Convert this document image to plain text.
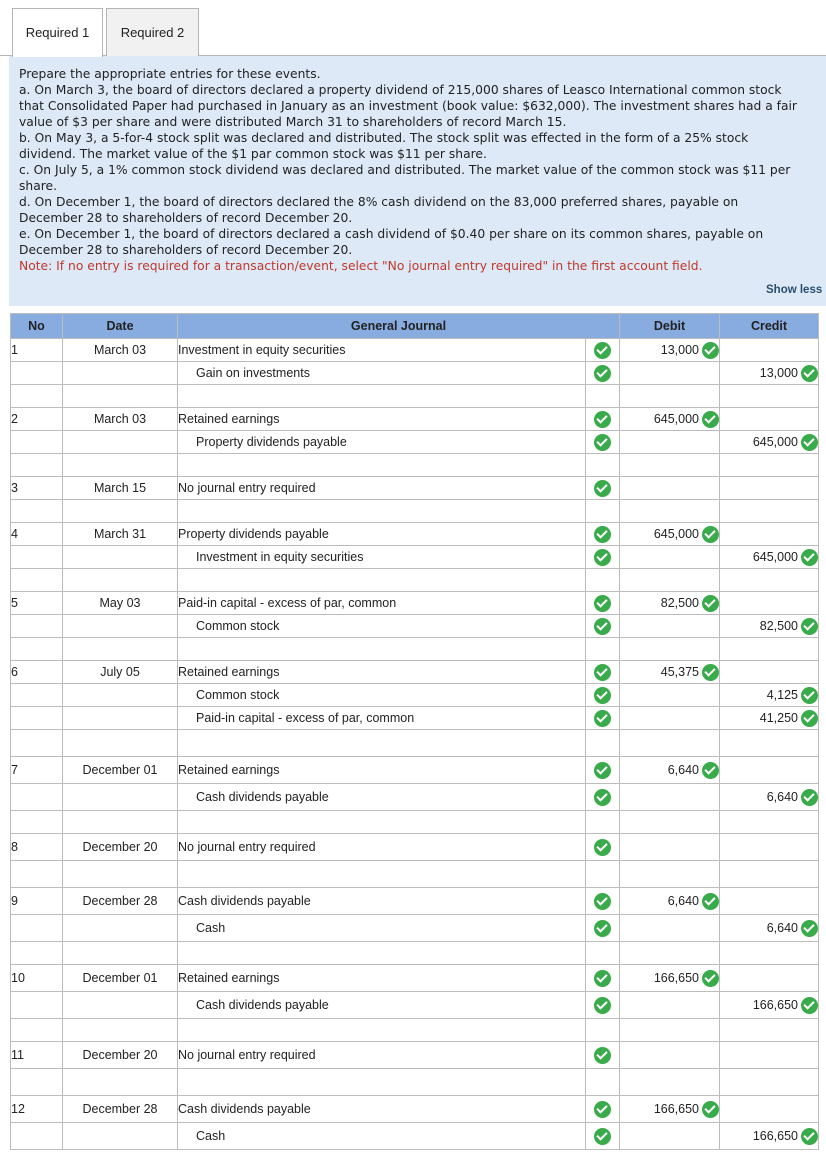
Required 1	Required 2
Prepare the appropriate entries for these events.
a. On March 3, the board of directors declared a property dividend of 215,000 shares of Leasco International common stock
that Consolidated Paper had purchased in January as an investment (book value: $632,000). The investment shares had a fair
value of $3 per share and were distributed March 31 to shareholders of record March 15.
b. On May 3, a 5-for-4 stock split was declared and distributed. The stock split was effected in the form of a 25% stock
dividend. The market value of the $1 par common stock was $11 per share.
c. On July 5, a 1% common stock dividend was declared and distributed. The market value of the common stock was $11 per
share.
d. On December 1, the board of directors declared the 8% cash dividend on the 83,000 preferred shares, payable on
December 28 to shareholders of record December 20.
e. On December 1, the board of directors declared a cash dividend of $0.40 per share on its common shares, payable on
December 28 to shareholders of record December 20.
Note: If no entry is required for a transaction/event, select "No journal entry required" in the first account field.
Show less
No	Date	General Journal		Debit	Credit
1	March 03	Investment in equity securities		13,000	
		Gain on investments			13,000

2	March 03	Retained earnings		645,000	
		Property dividends payable			645,000

3	March 15	No journal entry required			

4	March 31	Property dividends payable		645,000	
		Investment in equity securities			645,000

5	May 03	Paid-in capital - excess of par, common		82,500	
		Common stock			82,500

6	July 05	Retained earnings		45,375	
		Common stock			4,125
		Paid-in capital - excess of par, common			41,250

7	December 01	Retained earnings		6,640	
		Cash dividends payable			6,640

8	December 20	No journal entry required			

9	December 28	Cash dividends payable		6,640	
		Cash			6,640

10	December 01	Retained earnings		166,650	
		Cash dividends payable			166,650

11	December 20	No journal entry required			

12	December 28	Cash dividends payable		166,650	
		Cash			166,650
